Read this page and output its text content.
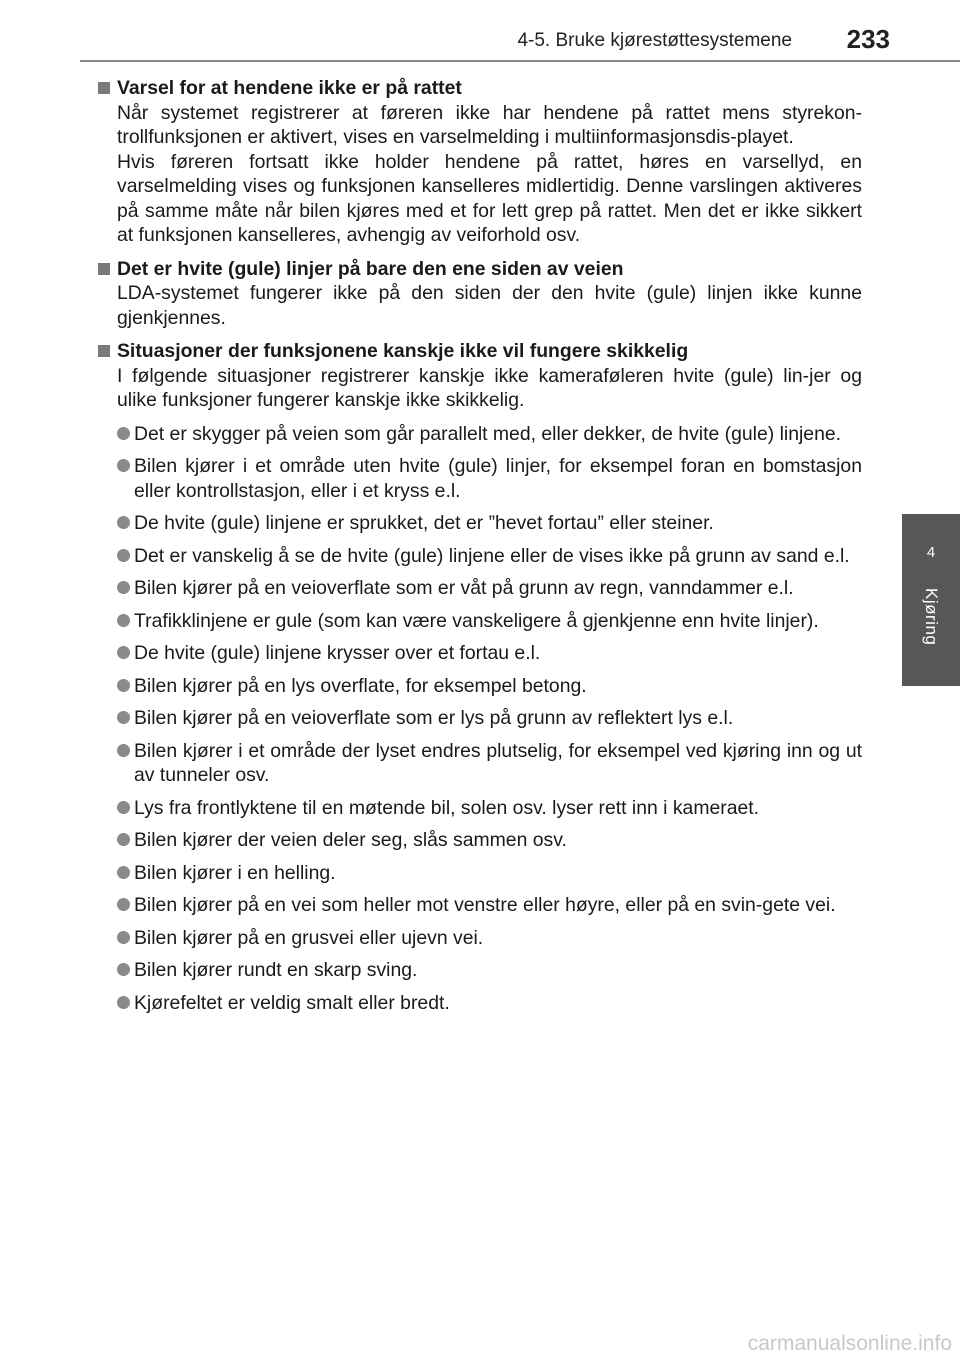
4-5. Bruke kjørestøttesystemene 233
4
Kjøring
Varsel for at hendene ikke er på rattet
Når systemet registrerer at føreren ikke har hendene på rattet mens styrekon-trollfunksjonen er aktivert, vises en varselmelding i multiinformasjonsdis-playet.
Hvis føreren fortsatt ikke holder hendene på rattet, høres en varsellyd, en varselmelding vises og funksjonen kanselleres midlertidig. Denne varslingen aktiveres på samme måte når bilen kjøres med et for lett grep på rattet. Men det er ikke sikkert at funksjonen kanselleres, avhengig av veiforhold osv.
Det er hvite (gule) linjer på bare den ene siden av veien
LDA-systemet fungerer ikke på den siden der den hvite (gule) linjen ikke kunne gjenkjennes.
Situasjoner der funksjonene kanskje ikke vil fungere skikkelig
I følgende situasjoner registrerer kanskje ikke kameraføleren hvite (gule) lin-jer og ulike funksjoner fungerer kanskje ikke skikkelig.
Det er skygger på veien som går parallelt med, eller dekker, de hvite (gule) linjene.
Bilen kjører i et område uten hvite (gule) linjer, for eksempel foran en bomstasjon eller kontrollstasjon, eller i et kryss e.l.
De hvite (gule) linjene er sprukket, det er ”hevet fortau” eller steiner.
Det er vanskelig å se de hvite (gule) linjene eller de vises ikke på grunn av sand e.l.
Bilen kjører på en veioverflate som er våt på grunn av regn, vanndammer e.l.
Trafikklinjene er gule (som kan være vanskeligere å gjenkjenne enn hvite linjer).
De hvite (gule) linjene krysser over et fortau e.l.
Bilen kjører på en lys overflate, for eksempel betong.
Bilen kjører på en veioverflate som er lys på grunn av reflektert lys e.l.
Bilen kjører i et område der lyset endres plutselig, for eksempel ved kjøring inn og ut av tunneler osv.
Lys fra frontlyktene til en møtende bil, solen osv. lyser rett inn i kameraet.
Bilen kjører der veien deler seg, slås sammen osv.
Bilen kjører i en helling.
Bilen kjører på en vei som heller mot venstre eller høyre, eller på en svin-gete vei.
Bilen kjører på en grusvei eller ujevn vei.
Bilen kjører rundt en skarp sving.
Kjørefeltet er veldig smalt eller bredt.
carmanualsonline.info
